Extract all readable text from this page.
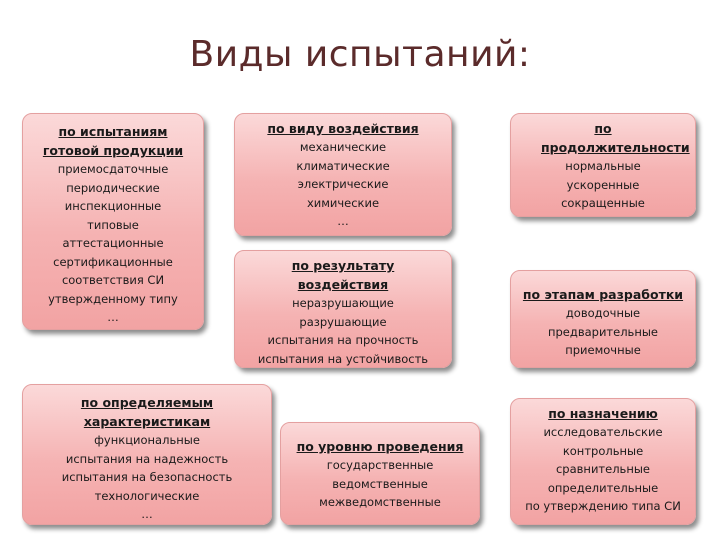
Виды испытаний:
по испытаниям готовой продукции
приемосдаточные
периодические
инспекционные
типовые
аттестационные
сертификационные
соответствия СИ
утвержденному типу
…
по виду воздействия
механические
климатические
электрические
химические
…
по продолжительности
нормальные
ускоренные
сокращенные
по результату воздействия
неразрушающие
разрушающие
испытания на прочность
испытания на устойчивость
по этапам разработки
доводочные
предварительные
приемочные
по определяемым характеристикам
функциональные
испытания на надежность
испытания на безопасность
технологические
…
по уровню проведения
государственные
ведомственные
межведомственные
по назначению
исследовательские
контрольные
сравнительные
определительные
по утверждению типа СИ
